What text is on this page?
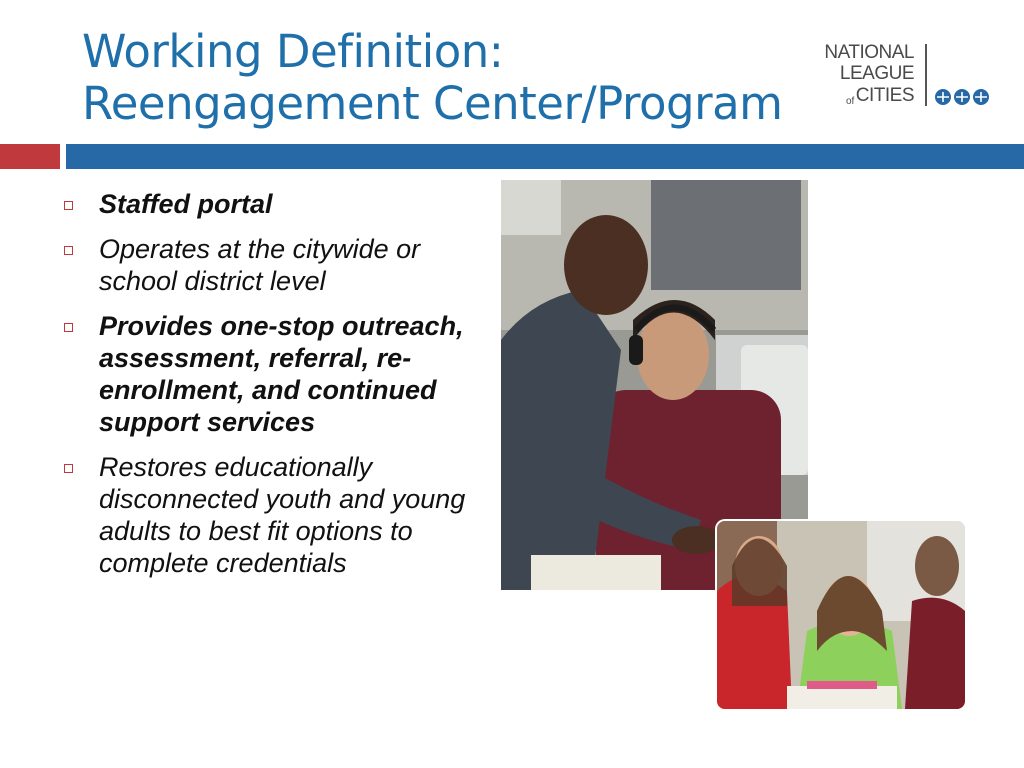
Working Definition:
Reengagement Center/Program
NATIONAL
LEAGUE
of CITIES
Staffed portal
Operates at the citywide or school district level
Provides one-stop outreach, assessment, referral, re-enrollment, and continued support services
Restores educationally disconnected youth and young adults to best fit options to complete credentials
